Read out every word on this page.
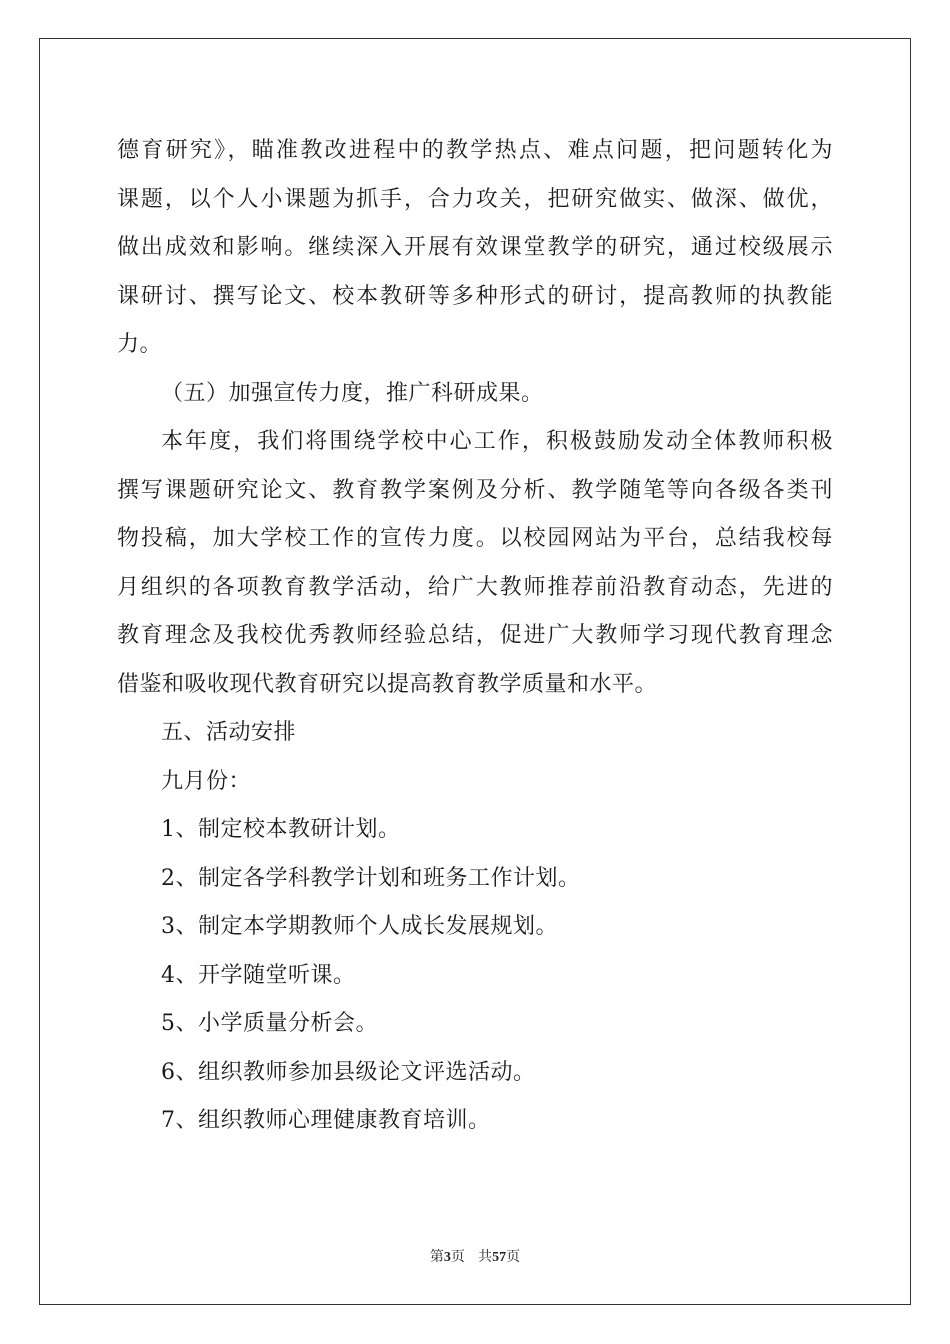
德育研究》，瞄准教改进程中的教学热点、难点问题，把问题转化为
课题，以个人小课题为抓手，合力攻关，把研究做实、做深、做优，
做出成效和影响。继续深入开展有效课堂教学的研究，通过校级展示
课研讨、撰写论文、校本教研等多种形式的研讨，提高教师的执教能
力。
（五）加强宣传力度，推广科研成果。
本年度，我们将围绕学校中心工作，积极鼓励发动全体教师积极
撰写课题研究论文、教育教学案例及分析、教学随笔等向各级各类刊
物投稿，加大学校工作的宣传力度。以校园网站为平台，总结我校每
月组织的各项教育教学活动，给广大教师推荐前沿教育动态，先进的
教育理念及我校优秀教师经验总结，促进广大教师学习现代教育理念
借鉴和吸收现代教育研究以提高教育教学质量和水平。
五、活动安排
九月份：
1、制定校本教研计划。
2、制定各学科教学计划和班务工作计划。
3、制定本学期教师个人成长发展规划。
4、开学随堂听课。
5、小学质量分析会。
6、组织教师参加县级论文评选活动。
7、组织教师心理健康教育培训。
第3页 共57页
